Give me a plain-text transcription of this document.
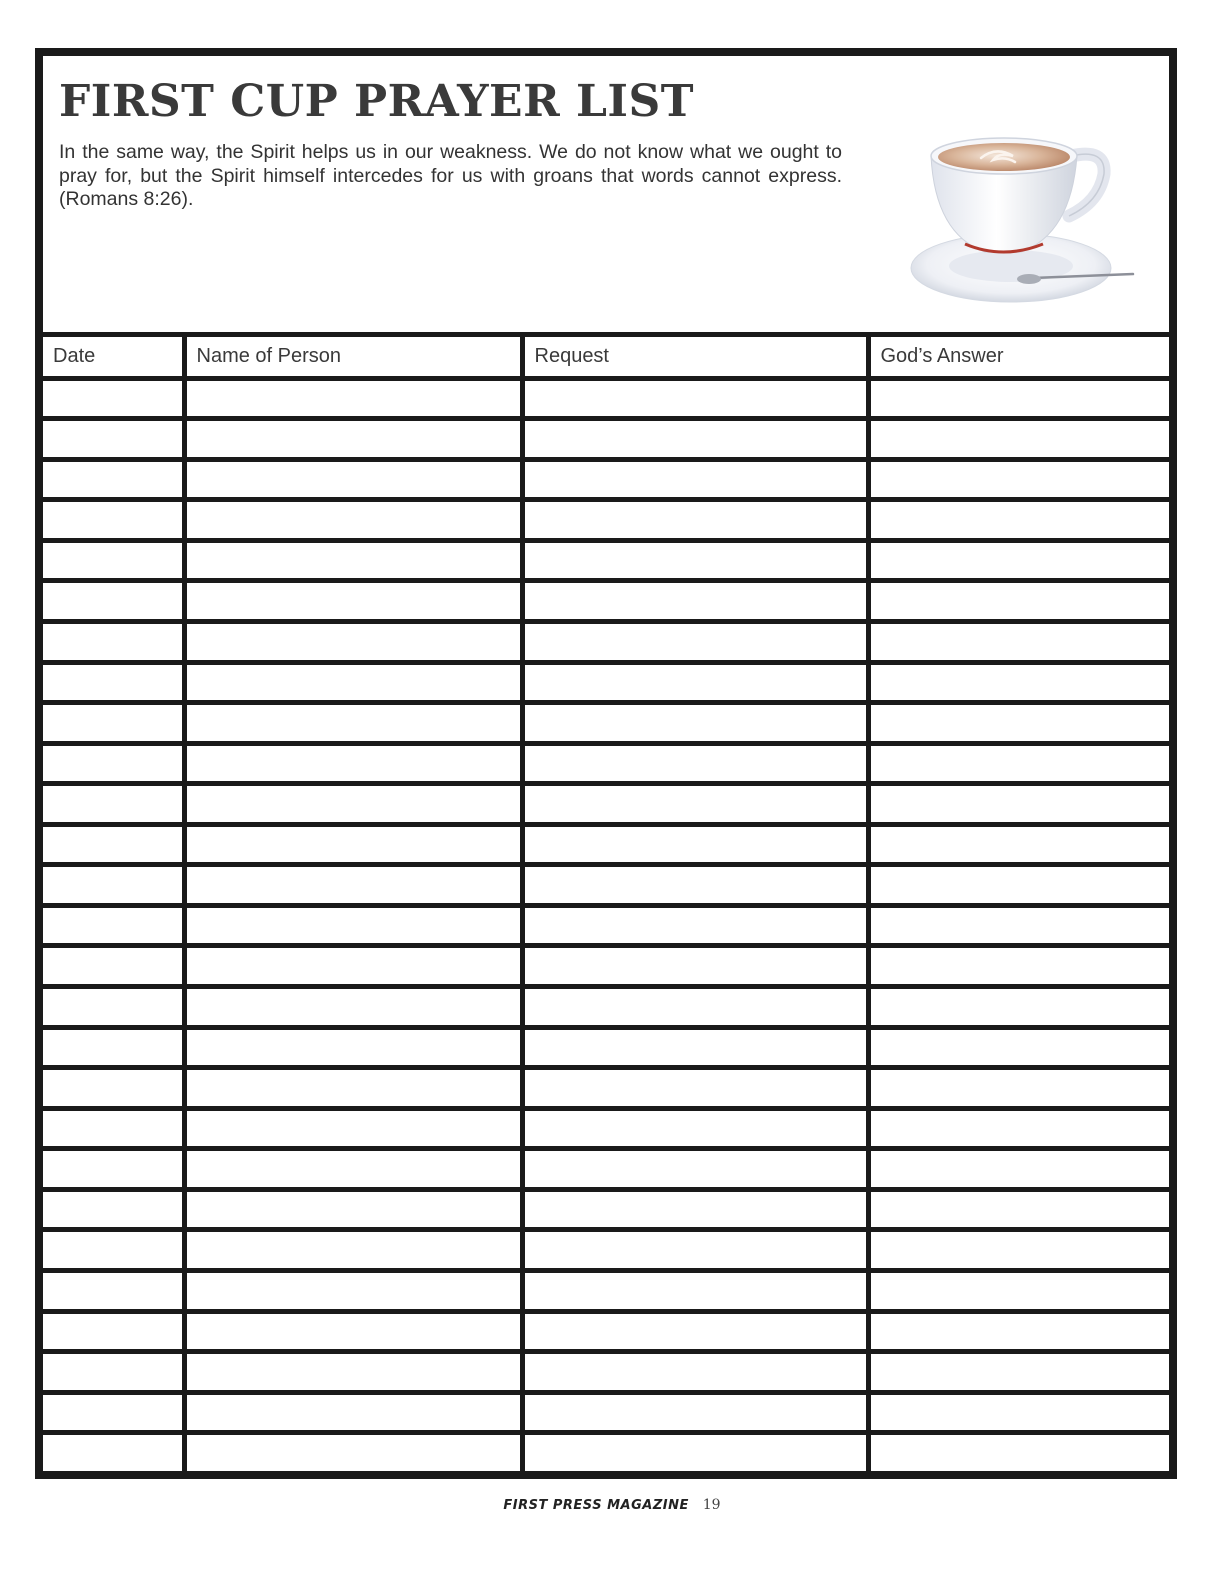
FIRST CUP PRAYER LIST

In the same way, the Spirit helps us in our weakness. We do not know what we ought to pray for, but the Spirit himself intercedes for us with groans that words cannot express. (Romans 8:26).

Date	Name of Person	Request	God’s Answer

FIRST PRESS MAGAZINE 19
